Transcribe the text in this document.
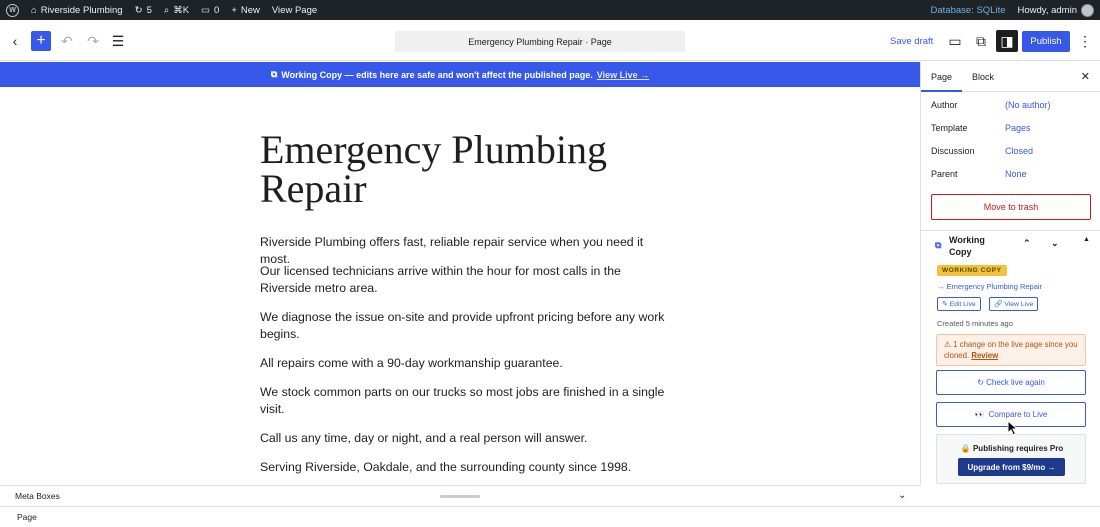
W	⌂ Riverside Plumbing ↻ 5 ⌕ ⌘K ▭ 0 + New View Page	Database: SQLite Howdy, admin
‹ + ↶ ↷ ☰	Emergency Plumbing Repair · Page	Save draft ▭ ⧉ ◨ Publish ⋮
⧉ Working Copy — edits here are safe and won't affect the published page. View Live →
Emergency Plumbing Repair

Riverside Plumbing offers fast, reliable repair service when you need it most.

Our licensed technicians arrive within the hour for most calls in the Riverside metro area.

We diagnose the issue on-site and provide upfront pricing before any work begins.

All repairs come with a 90-day workmanship guarantee.

We stock common parts on our trucks so most jobs are finished in a single visit.

Call us any time, day or night, and a real person will answer.

Serving Riverside, Oakdale, and the surrounding county since 1998.

Page Block	✕
Author	(No author)
Template	Pages
Discussion	Closed
Parent	None
Move to trash
⧉ Working Copy
⌃ ⌄	▲
WORKING COPY
→ Emergency Plumbing Repair
✎ Edit Live	🔗 View Live
Created 5 minutes ago
⚠ 1 change on the live page since you cloned. Review
↻ Check live again
👀 Compare to Live
🔒 Publishing requires Pro
Upgrade from $9/mo →
Meta Boxes	⌄
Page
